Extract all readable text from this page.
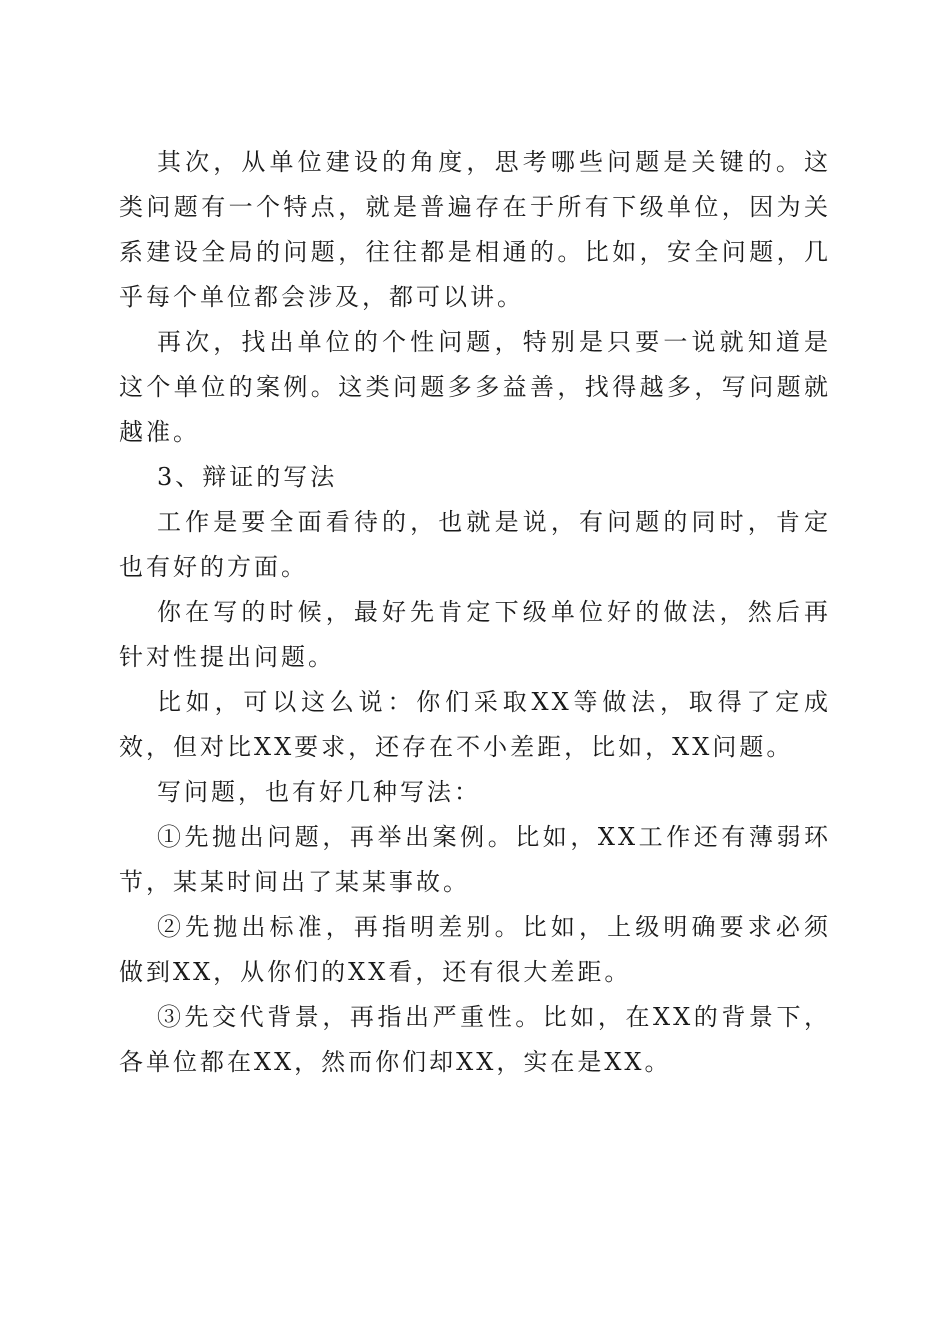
其次，从单位建设的角度，思考哪些问题是关键的。这类问题有一个特点，就是普遍存在于所有下级单位，因为关系建设全局的问题，往往都是相通的。比如，安全问题，几乎每个单位都会涉及，都可以讲。

再次，找出单位的个性问题，特别是只要一说就知道是这个单位的案例。这类问题多多益善，找得越多，写问题就越准。

3、辩证的写法

工作是要全面看待的，也就是说，有问题的同时，肯定也有好的方面。

你在写的时候，最好先肯定下级单位好的做法，然后再针对性提出问题。

比如，可以这么说：你们采取XX等做法，取得了定成效，但对比XX要求，还存在不小差距，比如，XX问题。

写问题，也有好几种写法：

①先抛出问题，再举出案例。比如，XX工作还有薄弱环节，某某时间出了某某事故。

②先抛出标准，再指明差别。比如，上级明确要求必须做到XX，从你们的XX看，还有很大差距。

③先交代背景，再指出严重性。比如，在XX的背景下，各单位都在XX，然而你们却XX，实在是XX。
